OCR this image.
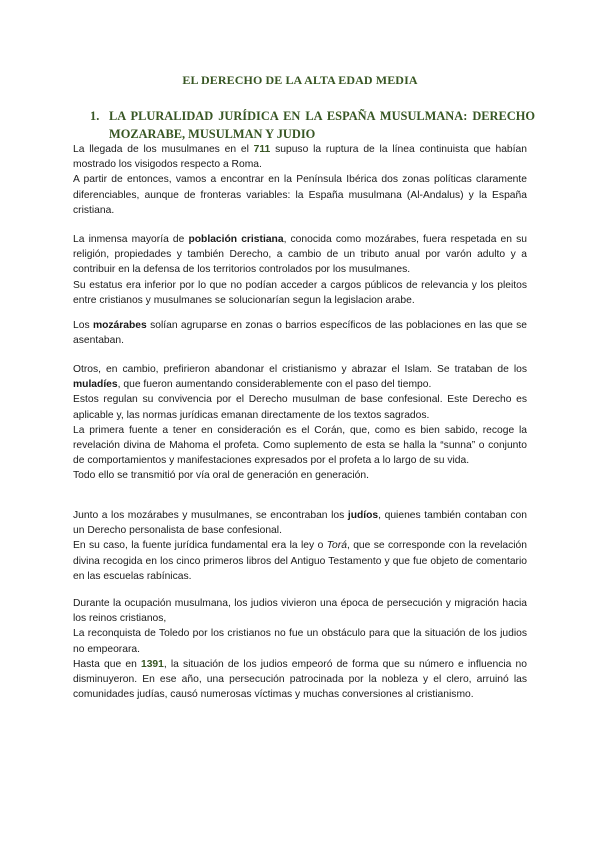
EL DERECHO DE LA ALTA EDAD MEDIA
1. LA PLURALIDAD JURÍDICA EN LA ESPAÑA MUSULMANA: DERECHO MOZARABE, MUSULMAN Y JUDIO

La llegada de los musulmanes en el 711 supuso la ruptura de la línea continuista que habían mostrado los visigodos respecto a Roma.

A partir de entonces, vamos a encontrar en la Península Ibérica dos zonas políticas claramente diferenciables, aunque de fronteras variables: la España musulmana (Al-Andalus) y la España cristiana.

La inmensa mayoría de población cristiana, conocida como mozárabes, fuera respetada en su religión, propiedades y también Derecho, a cambio de un tributo anual por varón adulto y a contribuir en la defensa de los territorios controlados por los musulmanes.

Su estatus era inferior por lo que no podían acceder a cargos públicos de relevancia y los pleitos entre cristianos y musulmanes se solucionarían segun la legislacion arabe.

Los mozárabes solían agruparse en zonas o barrios específicos de las poblaciones en las que se asentaban.

Otros, en cambio, prefirieron abandonar el cristianismo y abrazar el Islam. Se trataban de los muladíes, que fueron aumentando considerablemente con el paso del tiempo.

Estos regulan su convivencia por el Derecho musulman de base confesional. Este Derecho es aplicable y, las normas jurídicas emanan directamente de los textos sagrados.

La primera fuente a tener en consideración es el Corán, que, como es bien sabido, recoge la revelación divina de Mahoma el profeta. Como suplemento de esta se halla la “sunna” o conjunto de comportamientos y manifestaciones expresados por el profeta a lo largo de su vida.

Todo ello se transmitió por vía oral de generación en generación.

Junto a los mozárabes y musulmanes, se encontraban los judíos, quienes también contaban con un Derecho personalista de base confesional.

En su caso, la fuente jurídica fundamental era la ley o Torá, que se corresponde con la revelación divina recogida en los cinco primeros libros del Antiguo Testamento y que fue objeto de comentario en las escuelas rabínicas.

Durante la ocupación musulmana, los judios vivieron una época de persecución y migración hacia los reinos cristianos,

La reconquista de Toledo por los cristianos no fue un obstáculo para que la situación de los judios no empeorara.

Hasta que en 1391, la situación de los judios empeoró de forma que su número e influencia no disminuyeron. En ese año, una persecución patrocinada por la nobleza y el clero, arruinó las comunidades judías, causó numerosas víctimas y muchas conversiones al cristianismo.
